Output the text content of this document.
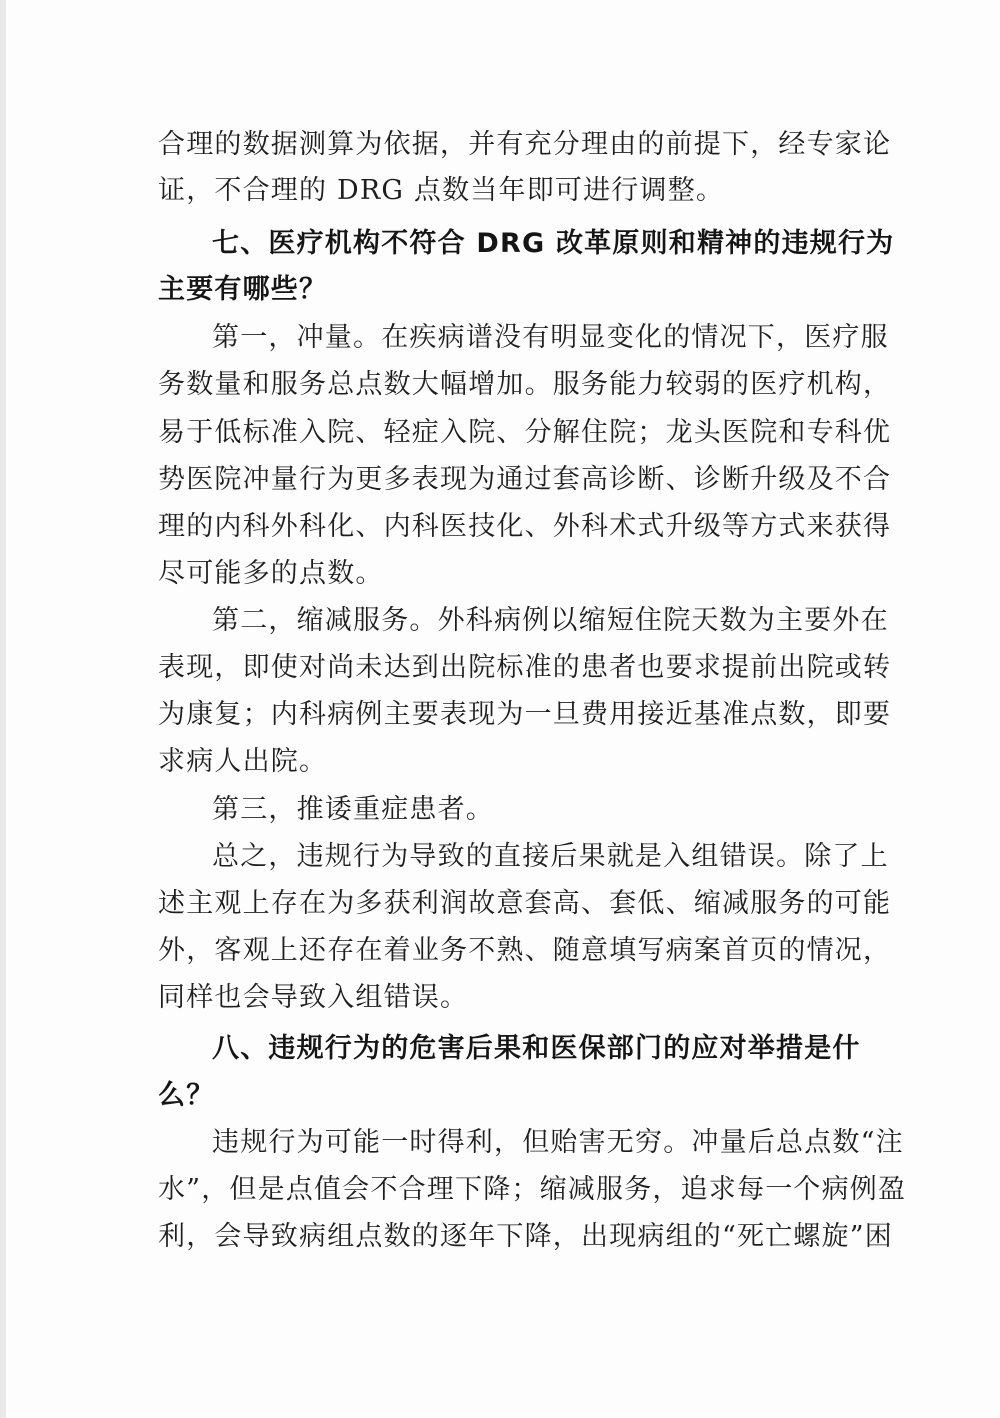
合理的数据测算为依据，并有充分理由的前提下，经专家论

证，不合理的 DRG 点数当年即可进行调整。

七、医疗机构不符合 DRG 改革原则和精神的违规行为

主要有哪些？

第一，冲量。在疾病谱没有明显变化的情况下，医疗服

务数量和服务总点数大幅增加。服务能力较弱的医疗机构，

易于低标准入院、轻症入院、分解住院；龙头医院和专科优

势医院冲量行为更多表现为通过套高诊断、诊断升级及不合

理的内科外科化、内科医技化、外科术式升级等方式来获得

尽可能多的点数。

第二，缩减服务。外科病例以缩短住院天数为主要外在

表现，即使对尚未达到出院标准的患者也要求提前出院或转

为康复；内科病例主要表现为一旦费用接近基准点数，即要

求病人出院。

第三，推诿重症患者。

总之，违规行为导致的直接后果就是入组错误。除了上

述主观上存在为多获利润故意套高、套低、缩减服务的可能

外，客观上还存在着业务不熟、随意填写病案首页的情况，

同样也会导致入组错误。

八、违规行为的危害后果和医保部门的应对举措是什

么？

违规行为可能一时得利，但贻害无穷。冲量后总点数“注

水”，但是点值会不合理下降；缩减服务，追求每一个病例盈

利，会导致病组点数的逐年下降，出现病组的“死亡螺旋”困
